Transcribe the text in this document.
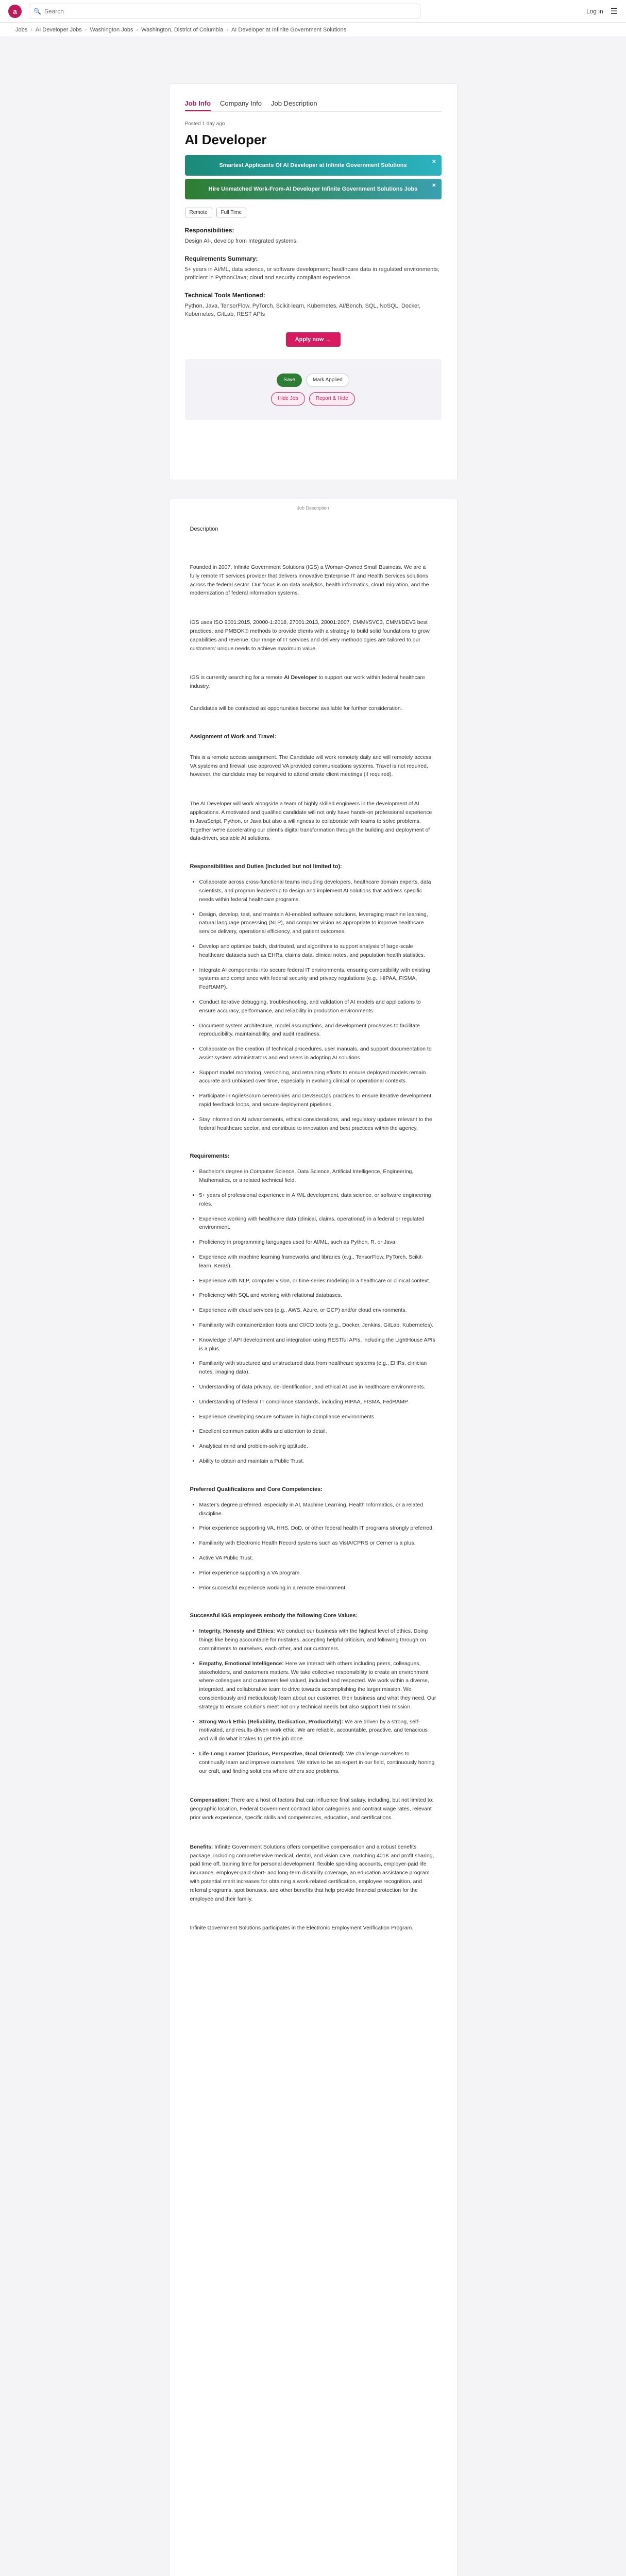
a	🔍
Search	Log in ☰
Jobs › AI Developer Jobs › Washington Jobs › Washington, District of Columbia › AI Developer at Infinite Government Solutions
Job Info Company Info Job Description
Posted 1 day ago
AI Developer
Smartest Applicants Of AI Developer at Infinite Government Solutions
✕
Hire Unmatched Work-From-AI Developer Infinite Government Solutions Jobs
✕
Remote	Full Time
Responsibilities:
Design AI-, develop from Integrated systems.
Requirements Summary:
5+ years in AI/ML, data science, or software development; healthcare data in regulated environments; proficient in Python/Java; cloud and security compliant experience.
Technical Tools Mentioned:
Python, Java, TensorFlow, PyTorch, Scikit-learn, Kubernetes, AI/Bench, SQL, NoSQL, Docker, Kubernetes, GitLab, REST APIs
Apply now →
Save	Mark Applied
Hide Job	Report & Hide
Job Description
Description
Founded in 2007, Infinite Government Solutions (IGS) a Woman-Owned Small Business. We are a fully remote IT services provider that delivers innovative Enterprise IT and Health Services solutions across the federal sector. Our focus is on data analytics, health informatics, cloud migration, and the modernization of federal information systems.
IGS uses ISO 9001:2015, 20000-1:2018, 27001:2013, 28001:2007, CMMI/SVC3, CMMI/DEV3 best practices, and PMBOK® methods to provide clients with a strategy to build solid foundations to grow capabilities and revenue. Our range of IT services and delivery methodologies are tailored to our customers' unique needs to achieve maximum value.
IGS is currently searching for a remote AI Developer to support our work within federal healthcare industry.
Candidates will be contacted as opportunities become available for further consideration.
Assignment of Work and Travel:
This is a remote access assignment. The Candidate will work remotely daily and will remotely access VA systems and firewall use approved VA provided communications systems. Travel is not required, however, the candidate may be required to attend onsite client meetings (if required).
The AI Developer will work alongside a team of highly skilled engineers in the development of AI applications. A motivated and qualified candidate will not only have hands-on professional experience in JavaScript, Python, or Java but also a willingness to collaborate with teams to solve problems. Together we're accelerating our client's digital transformation through the building and deployment of data-driven, scalable AI solutions.
Responsibilities and Duties (Included but not limited to):
• Collaborate across cross-functional teams including developers, healthcare domain experts, data scientists, and program leadership to design and implement AI solutions that address specific needs within federal healthcare programs.
• Design, develop, test, and maintain AI-enabled software solutions, leveraging machine learning, natural language processing (NLP), and computer vision as appropriate to improve healthcare service delivery, operational efficiency, and patient outcomes.
• Develop and optimize batch, distributed, and algorithms to support analysis of large-scale healthcare datasets such as EHRs, claims data, clinical notes, and population health statistics.
• Integrate AI components into secure federal IT environments, ensuring compatibility with existing systems and compliance with federal security and privacy regulations (e.g., HIPAA, FISMA, FedRAMP).
• Conduct iterative debugging, troubleshooting, and validation of AI models and applications to ensure accuracy, performance, and reliability in production environments.
• Document system architecture, model assumptions, and development processes to facilitate reproducibility, maintainability, and audit readiness.
• Collaborate on the creation of technical procedures, user manuals, and support documentation to assist system administrators and end users in adopting AI solutions.
• Support model monitoring, versioning, and retraining efforts to ensure deployed models remain accurate and unbiased over time, especially in evolving clinical or operational contexts.
• Participate in Agile/Scrum ceremonies and DevSecOps practices to ensure iterative development, rapid feedback loops, and secure deployment pipelines.
• Stay informed on AI advancements, ethical considerations, and regulatory updates relevant to the federal healthcare sector, and contribute to innovation and best practices within the agency.
Requirements:
• Bachelor's degree in Computer Science, Data Science, Artificial Intelligence, Engineering, Mathematics, or a related technical field.
• 5+ years of professional experience in AI/ML development, data science, or software engineering roles.
• Experience working with healthcare data (clinical, claims, operational) in a federal or regulated environment.
• Proficiency in programming languages used for AI/ML, such as Python, R, or Java.
• Experience with machine learning frameworks and libraries (e.g., TensorFlow, PyTorch, Scikit-learn, Keras).
• Experience with NLP, computer vision, or time-series modeling in a healthcare or clinical context.
• Proficiency with SQL and working with relational databases.
• Experience with cloud services (e.g., AWS, Azure, or GCP) and/or cloud environments.
• Familiarity with containerization tools and CI/CD tools (e.g., Docker, Jenkins, GitLab, Kubernetes).
• Knowledge of API development and integration using RESTful APIs, including the LightHouse APIs is a plus.
• Familiarity with structured and unstructured data from healthcare systems (e.g., EHRs, clinician notes, imaging data).
• Understanding of data privacy, de-identification, and ethical AI use in healthcare environments.
• Understanding of federal IT compliance standards, including HIPAA, FISMA, FedRAMP.
• Experience developing secure software in high-compliance environments.
• Excellent communication skills and attention to detail.
• Analytical mind and problem-solving aptitude.
• Ability to obtain and maintain a Public Trust.
Preferred Qualifications and Core Competencies:
• Master's degree preferred, especially in AI, Machine Learning, Health Informatics, or a related discipline.
• Prior experience supporting VA, HHS, DoD, or other federal health IT programs strongly preferred.
• Familiarity with Electronic Health Record systems such as VistA/CPRS or Cerner is a plus.
• Active VA Public Trust.
• Prior experience supporting a VA program.
• Prior successful experience working in a remote environment.
Successful IGS employees embody the following Core Values:
• Integrity, Honesty and Ethics: We conduct our business with the highest level of ethics. Doing things like being accountable for mistakes, accepting helpful criticism, and following through on commitments to ourselves, each other, and our customers.
• Empathy, Emotional Intelligence: Here we interact with others including peers, colleagues, stakeholders, and customers matters. We take collective responsibility to create an environment where colleagues and customers feel valued, included and respected. We work within a diverse, integrated, and collaborative team to drive towards accomplishing the larger mission. We conscientiously and meticulously learn about our customer, their business and what they need. Our strategy to ensure solutions meet not only technical needs but also support their mission.
• Strong Work Ethic (Reliability, Dedication, Productivity): We are driven by a strong, self-motivated, and results-driven work ethic. We are reliable, accountable, proactive, and tenacious and will do what it takes to get the job done.
• Life-Long Learner (Curious, Perspective, Goal Oriented): We challenge ourselves to continually learn and improve ourselves. We strive to be an expert in our field, continuously honing our craft, and finding solutions where others see problems.
Compensation: There are a host of factors that can influence final salary, including, but not limited to: geographic location, Federal Government contract labor categories and contract wage rates, relevant prior work experience, specific skills and competencies, education, and certifications.
Benefits: Infinite Government Solutions offers competitive compensation and a robust benefits package, including comprehensive medical, dental, and vision care, matching 401K and profit sharing, paid time off, training time for personal development, flexible spending accounts, employer-paid life insurance, employer-paid short- and long-term disability coverage, an education assistance program with potential merit increases for obtaining a work-related certification, employee recognition, and referral programs, spot bonuses, and other benefits that help provide financial protection for the employee and their family.
Infinite Government Solutions participates in the Electronic Employment Verification Program.
